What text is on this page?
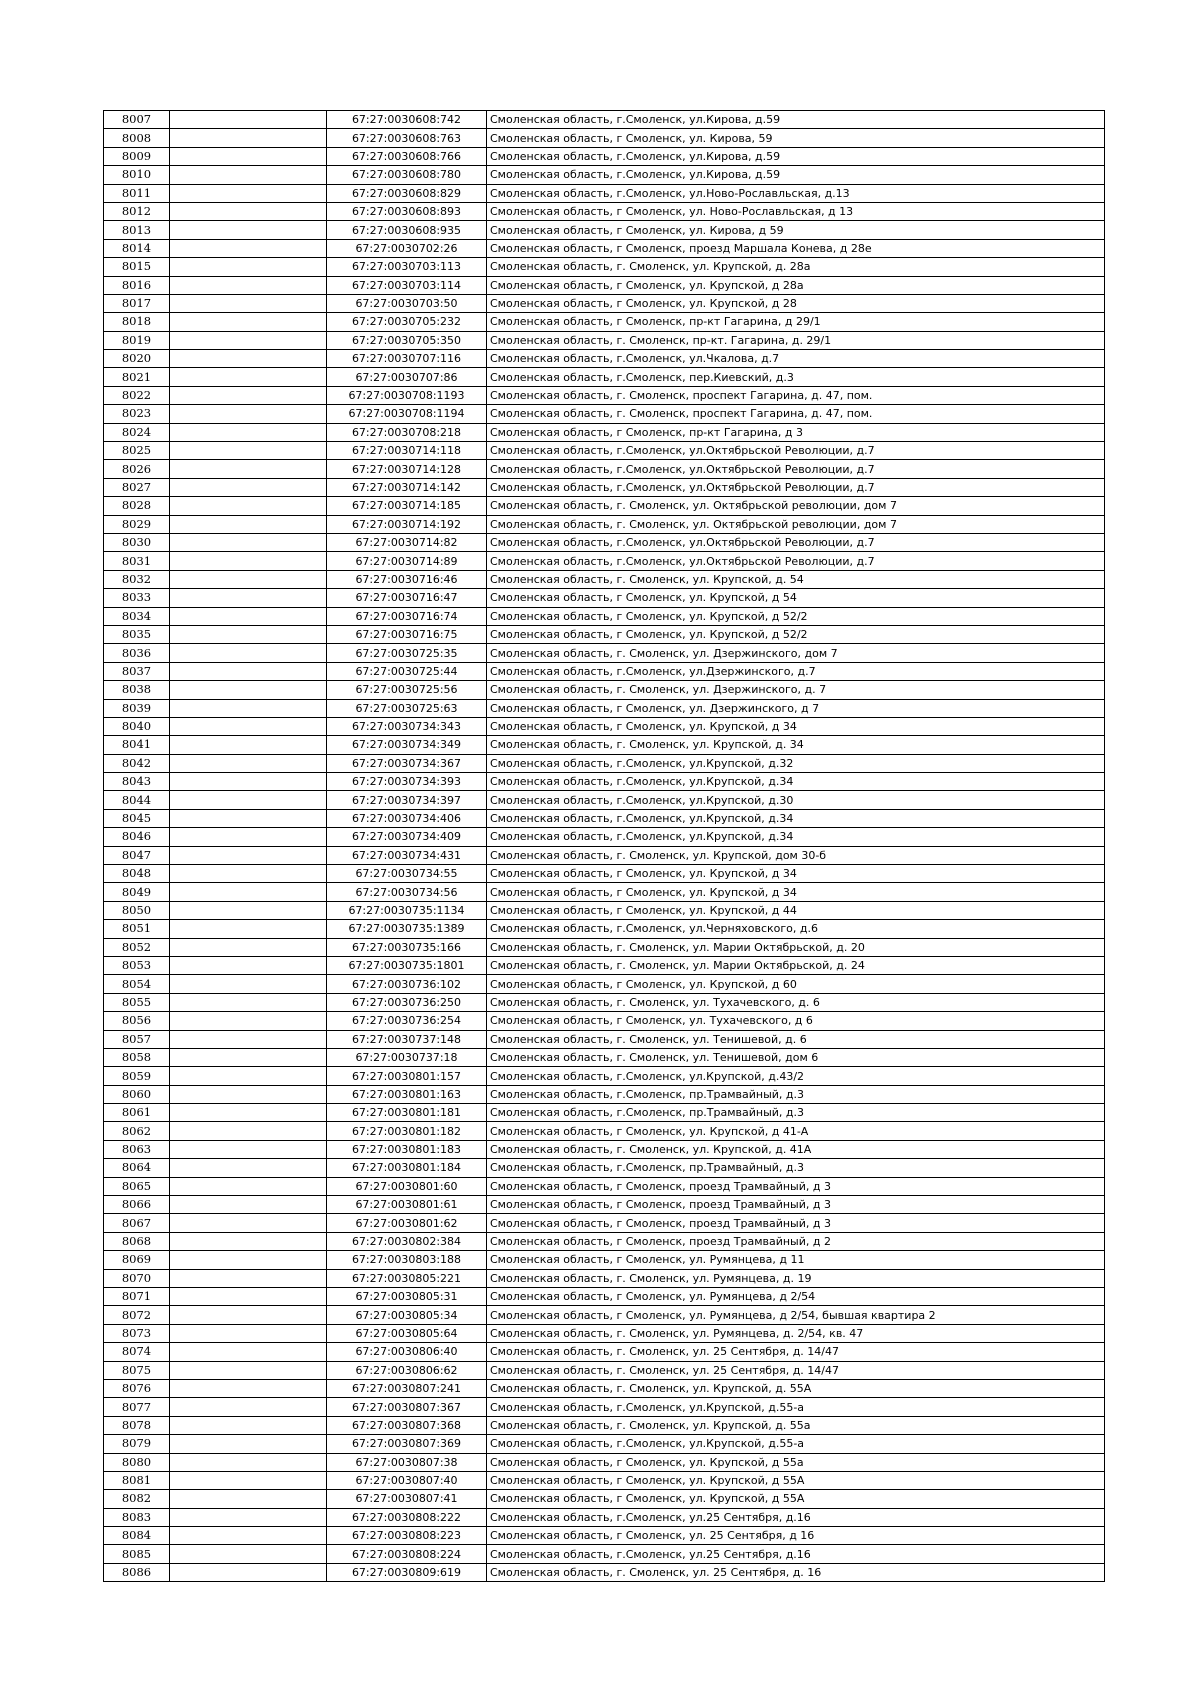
8007		67:27:0030608:742	Смоленская область, г.Смоленск, ул.Кирова, д.59
8008		67:27:0030608:763	Смоленская область, г Смоленск, ул. Кирова, 59
8009		67:27:0030608:766	Смоленская область, г.Смоленск, ул.Кирова, д.59
8010		67:27:0030608:780	Смоленская область, г.Смоленск, ул.Кирова, д.59
8011		67:27:0030608:829	Смоленская область, г.Смоленск, ул.Ново-Рославльская, д.13
8012		67:27:0030608:893	Смоленская область, г Смоленск, ул. Ново-Рославльская, д 13
8013		67:27:0030608:935	Смоленская область, г Смоленск, ул. Кирова, д 59
8014		67:27:0030702:26	Смоленская область, г Смоленск, проезд Маршала Конева, д 28е
8015		67:27:0030703:113	Смоленская область, г. Смоленск, ул. Крупской, д. 28а
8016		67:27:0030703:114	Смоленская область, г Смоленск, ул. Крупской, д 28а
8017		67:27:0030703:50	Смоленская область, г Смоленск, ул. Крупской, д 28
8018		67:27:0030705:232	Смоленская область, г Смоленск, пр-кт Гагарина, д 29/1
8019		67:27:0030705:350	Смоленская область, г. Смоленск, пр-кт. Гагарина, д. 29/1
8020		67:27:0030707:116	Смоленская область, г.Смоленск, ул.Чкалова, д.7
8021		67:27:0030707:86	Смоленская область, г.Смоленск, пер.Киевский, д.3
8022		67:27:0030708:1193	Смоленская область, г. Смоленск, проспект Гагарина, д. 47, пом.
8023		67:27:0030708:1194	Смоленская область, г. Смоленск, проспект Гагарина, д. 47, пом.
8024		67:27:0030708:218	Смоленская область, г Смоленск, пр-кт Гагарина, д 3
8025		67:27:0030714:118	Смоленская область, г.Смоленск, ул.Октябрьской Революции, д.7
8026		67:27:0030714:128	Смоленская область, г.Смоленск, ул.Октябрьской Революции, д.7
8027		67:27:0030714:142	Смоленская область, г.Смоленск, ул.Октябрьской Революции, д.7
8028		67:27:0030714:185	Смоленская область, г. Смоленск, ул. Октябрьской революции, дом 7
8029		67:27:0030714:192	Смоленская область, г. Смоленск, ул. Октябрьской революции, дом 7
8030		67:27:0030714:82	Смоленская область, г.Смоленск, ул.Октябрьской Революции, д.7
8031		67:27:0030714:89	Смоленская область, г.Смоленск, ул.Октябрьской Революции, д.7
8032		67:27:0030716:46	Смоленская область, г. Смоленск, ул. Крупской, д. 54
8033		67:27:0030716:47	Смоленская область, г Смоленск, ул. Крупской, д 54
8034		67:27:0030716:74	Смоленская область, г Смоленск, ул. Крупской, д 52/2
8035		67:27:0030716:75	Смоленская область, г Смоленск, ул. Крупской, д 52/2
8036		67:27:0030725:35	Смоленская область, г. Смоленск, ул. Дзержинского, дом 7
8037		67:27:0030725:44	Смоленская область, г.Смоленск, ул.Дзержинского, д.7
8038		67:27:0030725:56	Смоленская область, г. Смоленск, ул. Дзержинского, д. 7
8039		67:27:0030725:63	Смоленская область, г Смоленск, ул. Дзержинского, д 7
8040		67:27:0030734:343	Смоленская область, г Смоленск, ул. Крупской, д 34
8041		67:27:0030734:349	Смоленская область, г. Смоленск, ул. Крупской, д. 34
8042		67:27:0030734:367	Смоленская область, г.Смоленск, ул.Крупской, д.32
8043		67:27:0030734:393	Смоленская область, г.Смоленск, ул.Крупской, д.34
8044		67:27:0030734:397	Смоленская область, г.Смоленск, ул.Крупской, д.30
8045		67:27:0030734:406	Смоленская область, г.Смоленск, ул.Крупской, д.34
8046		67:27:0030734:409	Смоленская область, г.Смоленск, ул.Крупской, д.34
8047		67:27:0030734:431	Смоленская область, г. Смоленск, ул. Крупской, дом 30-б
8048		67:27:0030734:55	Смоленская область, г Смоленск, ул. Крупской, д 34
8049		67:27:0030734:56	Смоленская область, г Смоленск, ул. Крупской, д 34
8050		67:27:0030735:1134	Смоленская область, г Смоленск, ул. Крупской, д 44
8051		67:27:0030735:1389	Смоленская область, г.Смоленск, ул.Черняховского, д.6
8052		67:27:0030735:166	Смоленская область, г. Смоленск, ул. Марии Октябрьской, д. 20
8053		67:27:0030735:1801	Смоленская область, г. Смоленск, ул. Марии Октябрьской, д. 24
8054		67:27:0030736:102	Смоленская область, г Смоленск, ул. Крупской, д 60
8055		67:27:0030736:250	Смоленская область, г. Смоленск, ул. Тухачевского, д. 6
8056		67:27:0030736:254	Смоленская область, г Смоленск, ул. Тухачевского, д 6
8057		67:27:0030737:148	Смоленская область, г. Смоленск, ул. Тенишевой, д. 6
8058		67:27:0030737:18	Смоленская область, г. Смоленск, ул. Тенишевой, дом 6
8059		67:27:0030801:157	Смоленская область, г.Смоленск, ул.Крупской, д.43/2
8060		67:27:0030801:163	Смоленская область, г.Смоленск, пр.Трамвайный, д.3
8061		67:27:0030801:181	Смоленская область, г.Смоленск, пр.Трамвайный, д.3
8062		67:27:0030801:182	Смоленская область, г Смоленск, ул. Крупской, д 41-А
8063		67:27:0030801:183	Смоленская область, г. Смоленск, ул. Крупской, д. 41А
8064		67:27:0030801:184	Смоленская область, г.Смоленск, пр.Трамвайный, д.3
8065		67:27:0030801:60	Смоленская область, г Смоленск, проезд Трамвайный, д 3
8066		67:27:0030801:61	Смоленская область, г Смоленск, проезд Трамвайный, д 3
8067		67:27:0030801:62	Смоленская область, г Смоленск, проезд Трамвайный, д 3
8068		67:27:0030802:384	Смоленская область, г Смоленск, проезд Трамвайный, д 2
8069		67:27:0030803:188	Смоленская область, г Смоленск, ул. Румянцева, д 11
8070		67:27:0030805:221	Смоленская область, г. Смоленск, ул. Румянцева, д. 19
8071		67:27:0030805:31	Смоленская область, г Смоленск, ул. Румянцева, д 2/54
8072		67:27:0030805:34	Смоленская область, г Смоленск, ул. Румянцева, д 2/54, бывшая квартира 2
8073		67:27:0030805:64	Смоленская область, г. Смоленск, ул. Румянцева, д. 2/54, кв. 47
8074		67:27:0030806:40	Смоленская область, г. Смоленск, ул. 25 Сентября, д. 14/47
8075		67:27:0030806:62	Смоленская область, г. Смоленск, ул. 25 Сентября, д. 14/47
8076		67:27:0030807:241	Смоленская область, г. Смоленск, ул. Крупской, д. 55А
8077		67:27:0030807:367	Смоленская область, г.Смоленск, ул.Крупской, д.55-а
8078		67:27:0030807:368	Смоленская область, г. Смоленск, ул. Крупской, д. 55а
8079		67:27:0030807:369	Смоленская область, г.Смоленск, ул.Крупской, д.55-а
8080		67:27:0030807:38	Смоленская область, г Смоленск, ул. Крупской, д 55а
8081		67:27:0030807:40	Смоленская область, г Смоленск, ул. Крупской, д 55А
8082		67:27:0030807:41	Смоленская область, г Смоленск, ул. Крупской, д 55А
8083		67:27:0030808:222	Смоленская область, г.Смоленск, ул.25 Сентября, д.16
8084		67:27:0030808:223	Смоленская область, г Смоленск, ул. 25 Сентября, д 16
8085		67:27:0030808:224	Смоленская область, г.Смоленск, ул.25 Сентября, д.16
8086		67:27:0030809:619	Смоленская область, г. Смоленск, ул. 25 Сентября, д. 16
